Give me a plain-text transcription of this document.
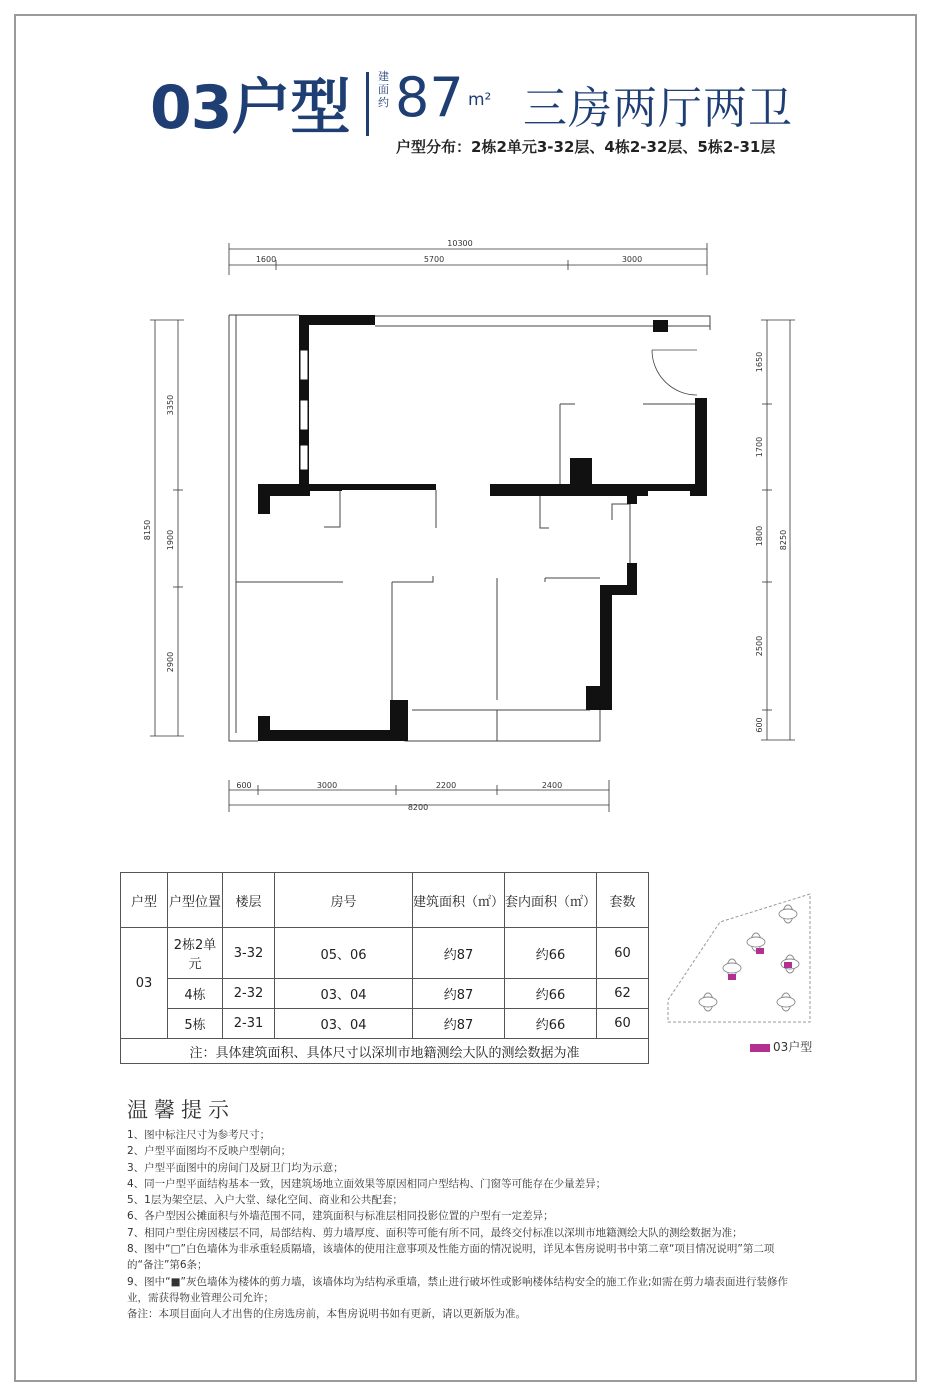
03户型	建面约 87 m² 三房两厅两卫
户型分布：2栋2单元3-32层、4栋2-32层、5栋2-31层
10300
1600	5700	3000
8150
3350
1900
2900
8250
1650
1700
1800
2500
600
600	3000	2200	2400
8200
户型	户型位置	楼层	房号	建筑面积（㎡）	套内面积（㎡）	套数
03	2栋2单元	3-32	05、06	约87	约66	60
	4栋	2-32	03、04	约87	约66	62
	5栋	2-31	03、04	约87	约66	60
注：具体建筑面积、具体尺寸以深圳市地籍测绘大队的测绘数据为准							03户型
温馨提示
1、图中标注尺寸为参考尺寸；
2、户型平面图均不反映户型朝向；
3、户型平面图中的房间门及厨卫门均为示意；
4、同一户型平面结构基本一致，因建筑场地立面效果等原因相同户型结构、门窗等可能存在少量差异；
5、1层为架空层、入户大堂、绿化空间、商业和公共配套；
6、各户型因公摊面积与外墙范围不同，建筑面积与标准层相同投影位置的户型有一定差异；
7、相同户型住房因楼层不同，局部结构、剪力墙厚度、面积等可能有所不同，最终交付标准以深圳市地籍测绘大队的测绘数据为准；
8、图中“□”白色墙体为非承重轻质隔墙，该墙体的使用注意事项及性能方面的情况说明，详见本售房说明书中第二章“项目情况说明”第二项的“备注”第6条；
9、图中“■”灰色墙体为楼体的剪力墙，该墙体均为结构承重墙，禁止进行破坏性或影响楼体结构安全的施工作业;如需在剪力墙表面进行装修作业，需获得物业管理公司允许；
备注：本项目面向人才出售的住房选房前，本售房说明书如有更新，请以更新版为准。
